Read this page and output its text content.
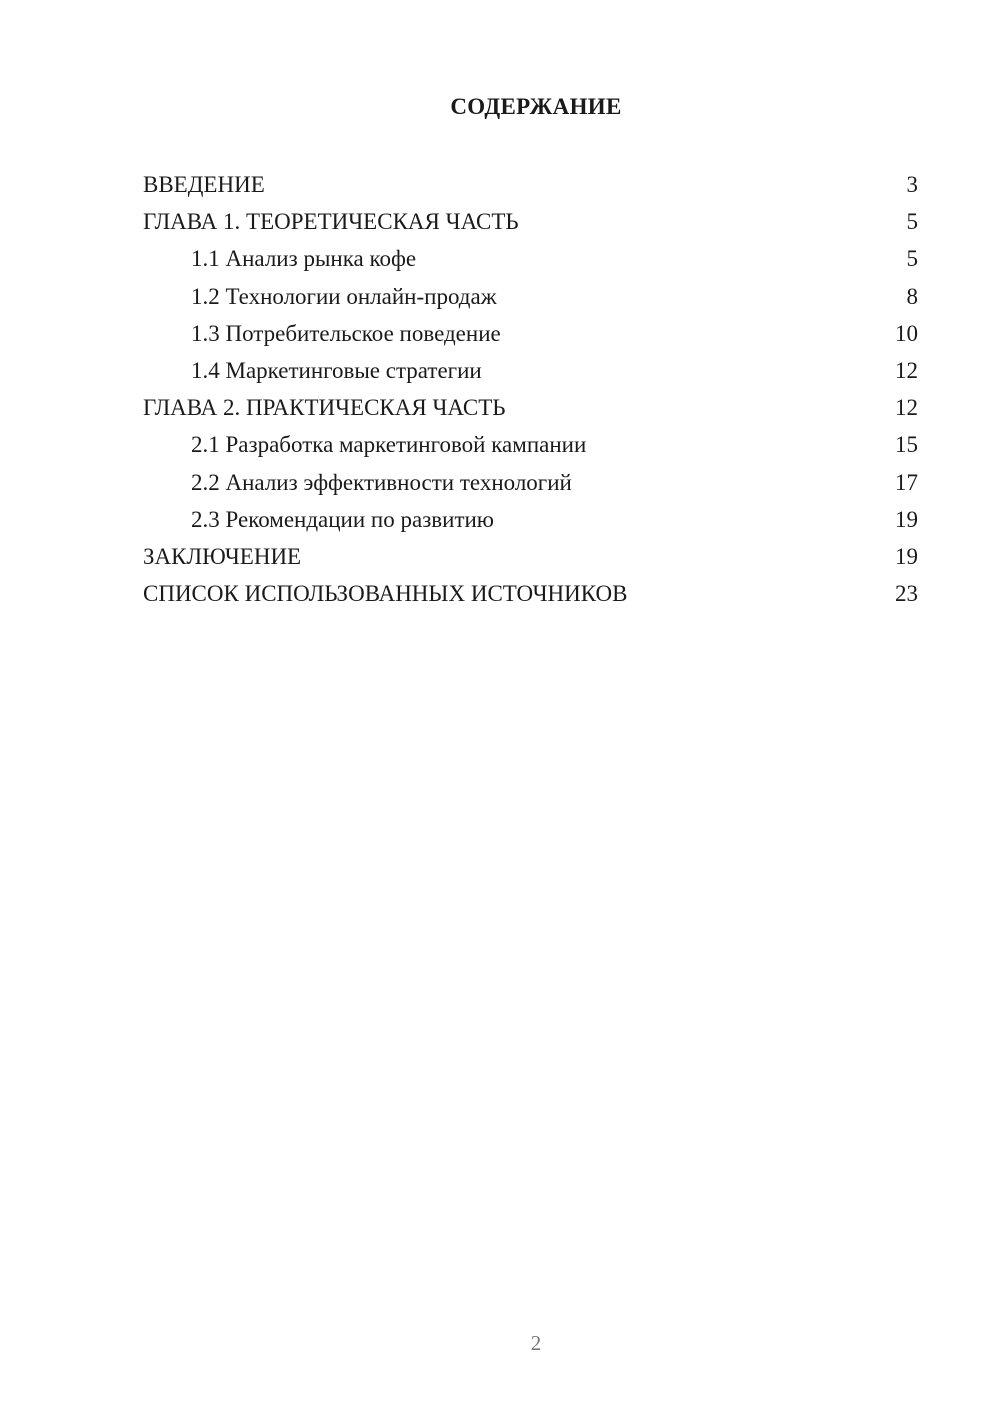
СОДЕРЖАНИЕ
ВВЕДЕНИЕ	3
ГЛАВА 1. ТЕОРЕТИЧЕСКАЯ ЧАСТЬ	5
1.1 Анализ рынка кофе	5
1.2 Технологии онлайн-продаж	8
1.3 Потребительское поведение	10
1.4 Маркетинговые стратегии	12
ГЛАВА 2. ПРАКТИЧЕСКАЯ ЧАСТЬ	12
2.1 Разработка маркетинговой кампании	15
2.2 Анализ эффективности технологий	17
2.3 Рекомендации по развитию	19
ЗАКЛЮЧЕНИЕ	19
СПИСОК ИСПОЛЬЗОВАННЫХ ИСТОЧНИКОВ	23

2
